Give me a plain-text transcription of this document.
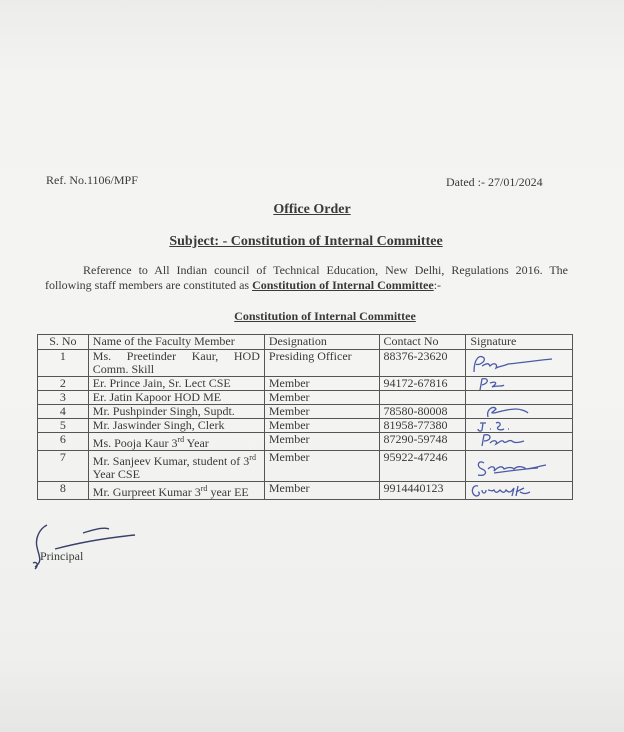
Ref. No.1106/MPF	Dated :- 27/01/2024
Office Order
Subject: - Constitution of Internal Committee
Reference to All Indian council of Technical Education, New Delhi, Regulations 2016. The
following staff members are constituted as Constitution of Internal Committee:-
Constitution of Internal Committee
S. No	Name of the Faculty Member	Designation	Contact No	Signature
1	Ms. Preetinder Kaur, HOD Comm. Skill	Presiding Officer	88376-23620	

2	Er. Prince Jain, Sr. Lect CSE	Member	94172-67816	

3	Er. Jatin Kapoor HOD ME	Member		
4	Mr. Pushpinder Singh, Supdt.	Member	78580-80008	

5	Mr. Jaswinder Singh, Clerk	Member	81958-77380	

6	Ms. Pooja Kaur 3rd Year	Member	87290-59748	

7	Mr. Sanjeev Kumar, student of 3rd Year CSE	Member	95922-47246	

8	Mr. Gurpreet Kumar 3rd year EE	Member	9914440123	
Principal
